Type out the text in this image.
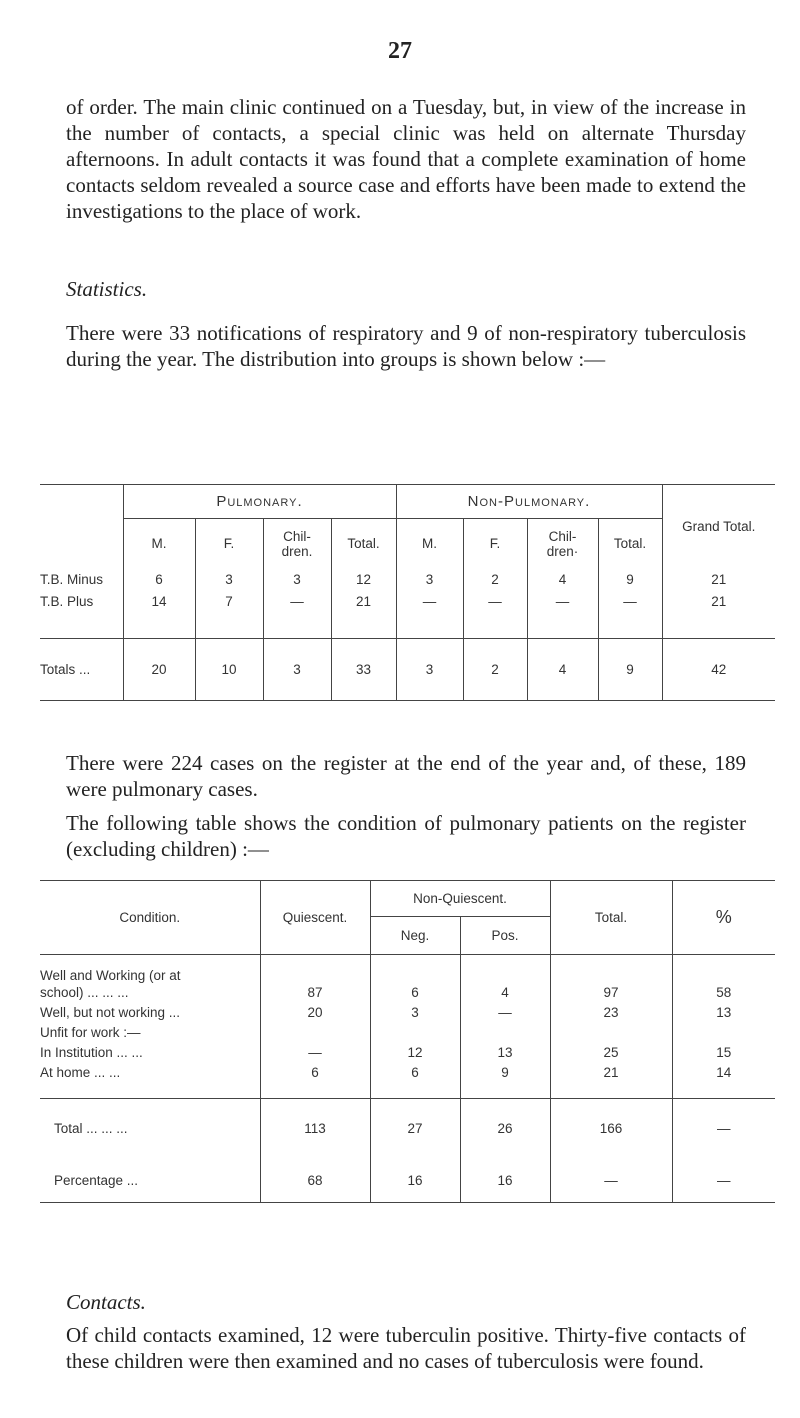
27

of order. The main clinic continued on a Tuesday, but, in view of the increase in the number of contacts, a special clinic was held on alternate Thursday afternoons. In adult contacts it was found that a complete examination of home contacts seldom revealed a source case and efforts have been made to extend the investigations to the place of work.

Statistics.

There were 33 notifications of respiratory and 9 of non-respiratory tuberculosis during the year. The distribution into groups is shown below :—

	Pulmonary.				Non-Pulmonary.				Grand Total.
	M.	F.	Chil-dren.	Total.	M.	F.	Chil-dren·	Total.	
T.B. Minus	6	3	3	12	3	2	4	9	21
T.B. Plus	14	7	—	21	—	—	—	—	21

Totals ...	20	10	3	33	3	2	4	9	42

There were 224 cases on the register at the end of the year and, of these, 189 were pulmonary cases.

The following table shows the condition of pulmonary patients on the register (excluding children) :—

Condition.	Quiescent.	Non-Quiescent.		Total.	%
		Neg.	Pos.		
Well and Working (or at					
school) ... ... ...	87	6	4	97	58
Well, but not working ...	20	3	—	23	13
Unfit for work :—					
In Institution ... ...	—	12	13	25	15
At home ... ...	6	6	9	21	14

Total ... ... ...	113	27	26	166	—
Percentage ...	68	16	16	—	—

Contacts.

Of child contacts examined, 12 were tuberculin positive. Thirty-five contacts of these children were then examined and no cases of tuberculosis were found.
